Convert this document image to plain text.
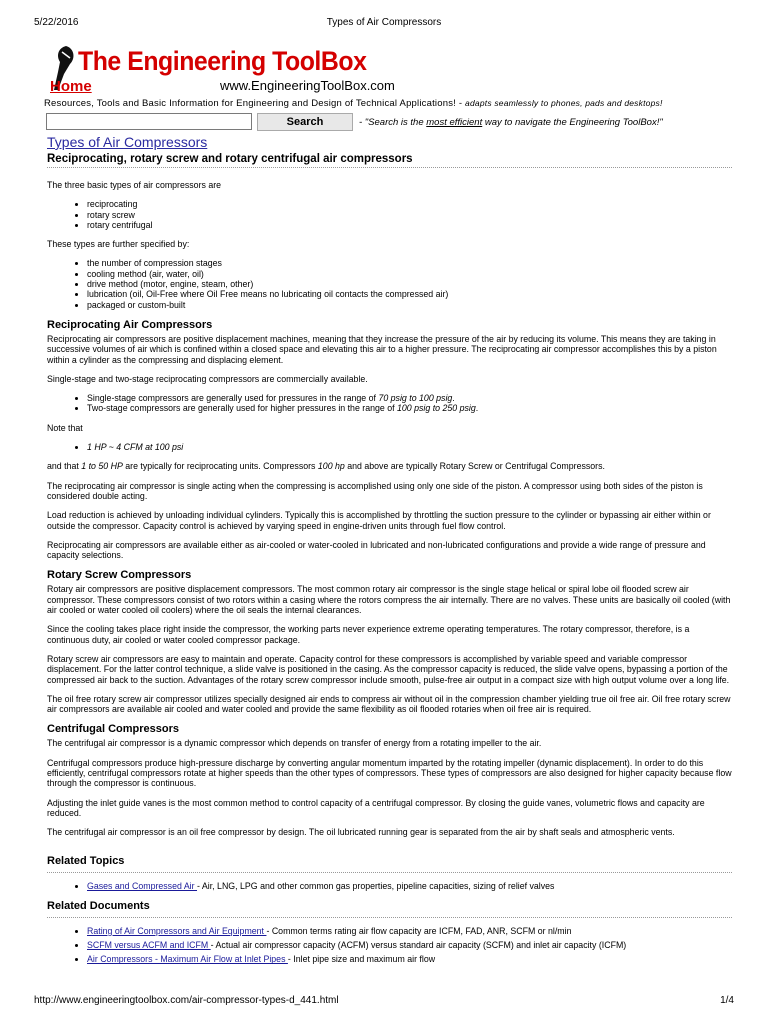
5/22/2016	Types of Air Compressors
The Engineering ToolBox
Home	www.EngineeringToolBox.com
Resources, Tools and Basic Information for Engineering and Design of Technical Applications! - adapts seamlessly to phones, pads and desktops!
Search	- "Search is the most efficient way to navigate the Engineering ToolBox!"
Types of Air Compressors
Reciprocating, rotary screw and rotary centrifugal air compressors

The three basic types of air compressors are

• reciprocating
• rotary screw
• rotary centrifugal

These types are further specified by:

• the number of compression stages
• cooling method (air, water, oil)
• drive method (motor, engine, steam, other)
• lubrication (oil, Oil-Free where Oil Free means no lubricating oil contacts the compressed air)
• packaged or custom-built
Reciprocating Air Compressors

Reciprocating air compressors are positive displacement machines, meaning that they increase the pressure of the air by reducing its volume. This means they are taking in successive volumes of air which is confined within a closed space and elevating this air to a higher pressure. The reciprocating air compressor accomplishes this by a piston within a cylinder as the compressing and displacing element.

Single-stage and two-stage reciprocating compressors are commercially available.

• Single-stage compressors are generally used for pressures in the range of 70 psig to 100 psig.
• Two-stage compressors are generally used for higher pressures in the range of 100 psig to 250 psig.

Note that

• 1 HP ~ 4 CFM at 100 psi

and that 1 to 50 HP are typically for reciprocating units. Compressors 100 hp and above are typically Rotary Screw or Centrifugal Compressors.

The reciprocating air compressor is single acting when the compressing is accomplished using only one side of the piston. A compressor using both sides of the piston is considered double acting.

Load reduction is achieved by unloading individual cylinders. Typically this is accomplished by throttling the suction pressure to the cylinder or bypassing air either within or outside the compressor. Capacity control is achieved by varying speed in engine-driven units through fuel flow control.

Reciprocating air compressors are available either as air-cooled or water-cooled in lubricated and non-lubricated configurations and provide a wide range of pressure and capacity selections.

Rotary Screw Compressors

Rotary air compressors are positive displacement compressors. The most common rotary air compressor is the single stage helical or spiral lobe oil flooded screw air compressor. These compressors consist of two rotors within a casing where the rotors compress the air internally. There are no valves. These units are basically oil cooled (with air cooled or water cooled oil coolers) where the oil seals the internal clearances.

Since the cooling takes place right inside the compressor, the working parts never experience extreme operating temperatures. The rotary compressor, therefore, is a continuous duty, air cooled or water cooled compressor package.

Rotary screw air compressors are easy to maintain and operate. Capacity control for these compressors is accomplished by variable speed and variable compressor displacement. For the latter control technique, a slide valve is positioned in the casing. As the compressor capacity is reduced, the slide valve opens, bypassing a portion of the compressed air back to the suction. Advantages of the rotary screw compressor include smooth, pulse-free air output in a compact size with high output volume over a long life.

The oil free rotary screw air compressor utilizes specially designed air ends to compress air without oil in the compression chamber yielding true oil free air. Oil free rotary screw air compressors are available air cooled and water cooled and provide the same flexibility as oil flooded rotaries when oil free air is required.

Centrifugal Compressors

The centrifugal air compressor is a dynamic compressor which depends on transfer of energy from a rotating impeller to the air.

Centrifugal compressors produce high-pressure discharge by converting angular momentum imparted by the rotating impeller (dynamic displacement). In order to do this efficiently, centrifugal compressors rotate at higher speeds than the other types of compressors. These types of compressors are also designed for higher capacity because flow through the compressor is continuous.

Adjusting the inlet guide vanes is the most common method to control capacity of a centrifugal compressor. By closing the guide vanes, volumetric flows and capacity are reduced.

The centrifugal air compressor is an oil free compressor by design. The oil lubricated running gear is separated from the air by shaft seals and atmospheric vents.

Related Topics
• Gases and Compressed Air - Air, LNG, LPG and other common gas properties, pipeline capacities, sizing of relief valves
Related Documents
• Rating of Air Compressors and Air Equipment - Common terms rating air flow capacity are ICFM, FAD, ANR, SCFM or nl/min
• SCFM versus ACFM and ICFM - Actual air compressor capacity (ACFM) versus standard air capacity (SCFM) and inlet air capacity (ICFM)
• Air Compressors - Maximum Air Flow at Inlet Pipes - Inlet pipe size and maximum air flow
http://www.engineeringtoolbox.com/air-compressor-types-d_441.html	1/4
